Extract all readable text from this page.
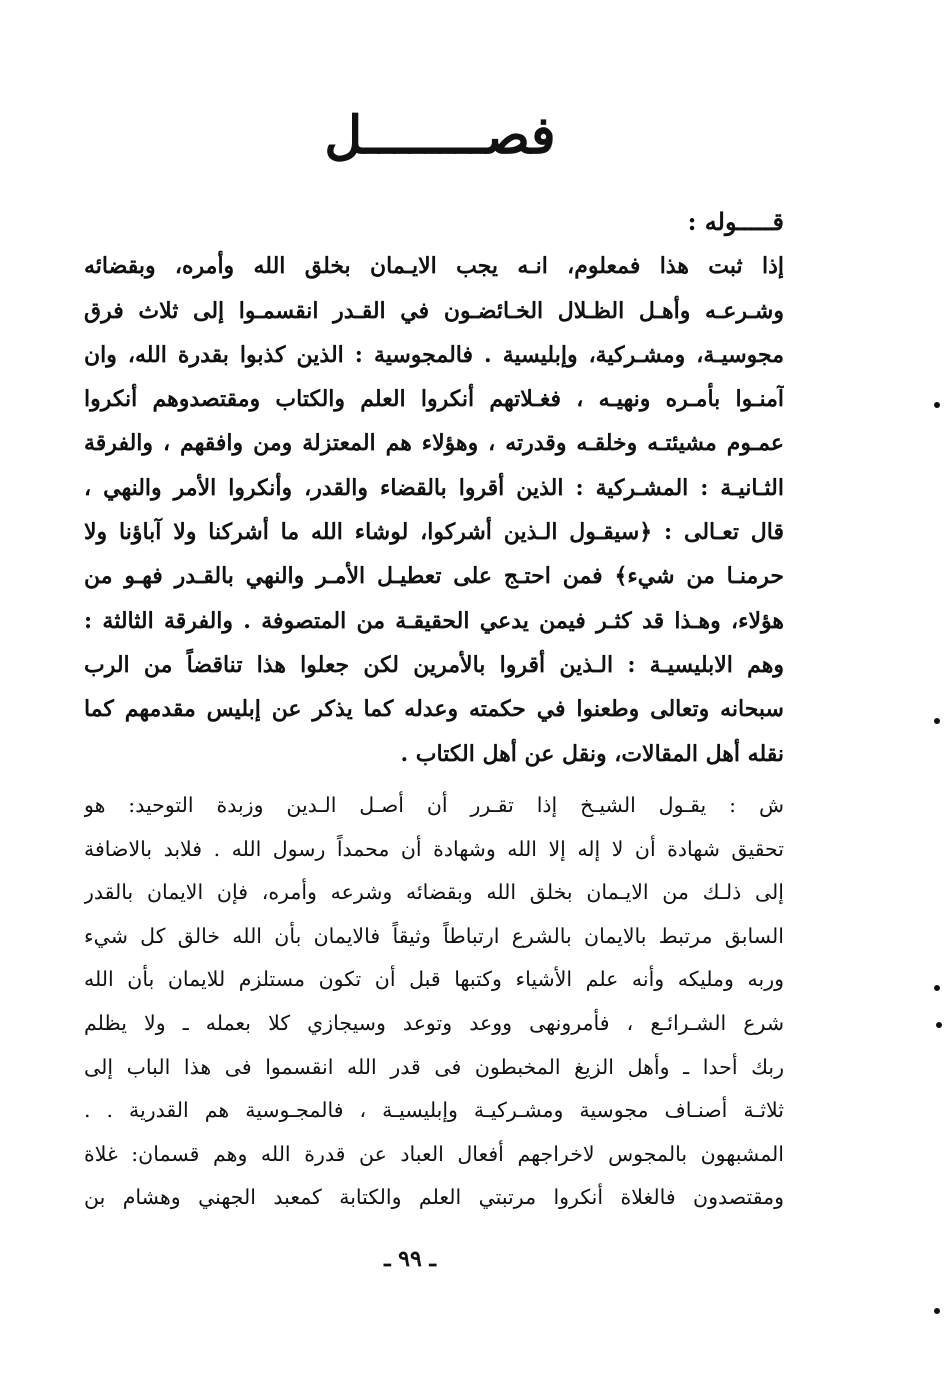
فصــــــــل
قـــــوله :
إذا ثبت هذا فمعلوم، انـه يجب الايـمان بخلق الله وأمره، وبقضائه
وشـرعـه وأهـل الظـلال الخـائضـون في القـدر انقسمـوا إلى ثلاث فرق
مجوسيـة، ومشـركية، وإبليسية . فالمجوسية : الذين كذبوا بقدرة الله، وان
آمنـوا بأمـره ونهيـه ، فغـلاتهم أنكروا العلم والكتاب ومقتصدوهم أنكروا
عمـوم مشيئتـه وخلقـه وقدرته ، وهؤلاء هم المعتزلة ومن وافقهم ، والفرقة
الثـانيـة : المشـركية : الذين أقروا بالقضاء والقدر، وأنكروا الأمر والنهي ،
قال تعـالى : ﴿سيقـول الـذين أشركوا، لوشاء الله ما أشركنا ولا آباؤنا ولا
حرمنـا من شيء﴾ فمن احتـج على تعطيـل الأمـر والنهي بالقـدر فهـو من
هؤلاء، وهـذا قد كثـر فيمن يدعي الحقيقـة من المتصوفة . والفرقة الثالثة :
وهم الابليسيـة : الـذين أقروا بالأمرين لكن جعلوا هذا تناقضاً من الرب
سبحانه وتعالى وطعنوا في حكمته وعدله كما يذكر عن إبليس مقدمهم كما
نقله أهل المقالات، ونقل عن أهل الكتاب .
ش : يقـول الشيـخ إذا تقـرر أن أصـل الـدين وزبدة التوحيد: هو
تحقيق شهادة أن لا إله إلا الله وشهادة أن محمداً رسول الله . فلابد بالاضافة
إلى ذلـك من الايـمان بخلق الله وبقضائه وشرعه وأمره، فإن الايمان بالقدر
السابق مرتبط بالايمان بالشرع ارتباطاً وثيقاً فالايمان بأن الله خالق كل شيء
وربه ومليكه وأنه علم الأشياء وكتبها قبل أن تكون مستلزم للايمان بأن الله
شرع الشـرائـع ، فأمرونهى ووعد وتوعد وسيجازي كلا بعمله ـ ولا يظلم
ربك أحدا ـ وأهل الزيغ المخبطون فى قدر الله انقسموا فى هذا الباب إلى
ثلاثـة أصنـاف مجوسية ومشـركيـة وإبليسيـة ، فالمجـوسية هم القدرية . .
المشبهون بالمجوس لاخراجهم أفعال العباد عن قدرة الله وهم قسمان: غلاة
ومقتصدون فالغلاة أنكروا مرتبتي العلم والكتابة كمعبد الجهني وهشام بن
ـ ٩٩ ـ
